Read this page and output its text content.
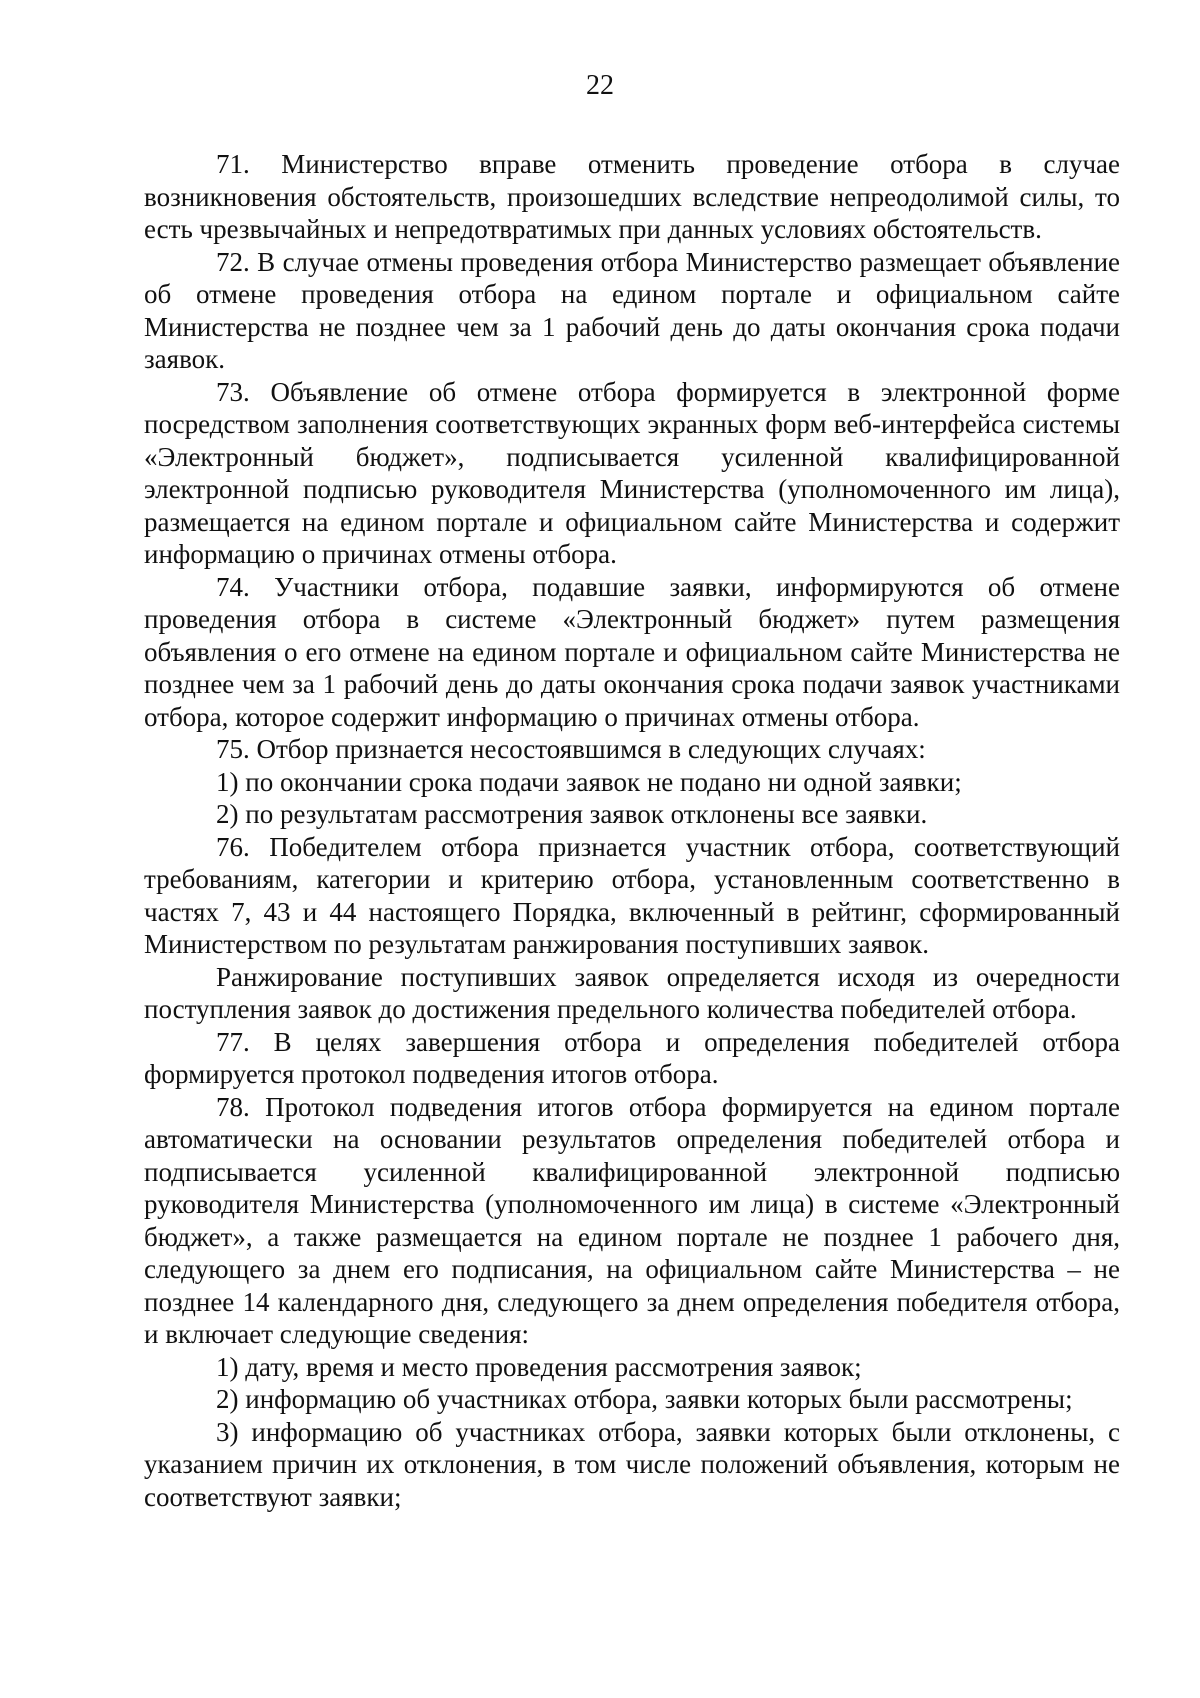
22

71. Министерство вправе отменить проведение отбора в случае возникновения обстоятельств, произошедших вследствие непреодолимой силы, то есть чрезвычайных и непредотвратимых при данных условиях обстоятельств.

72. В случае отмены проведения отбора Министерство размещает объявление об отмене проведения отбора на едином портале и официальном сайте Министерства не позднее чем за 1 рабочий день до даты окончания срока подачи заявок.

73. Объявление об отмене отбора формируется в электронной форме посредством заполнения соответствующих экранных форм веб-интерфейса системы «Электронный бюджет», подписывается усиленной квалифицированной электронной подписью руководителя Министерства (уполномоченного им лица), размещается на едином портале и официальном сайте Министерства и содержит информацию о причинах отмены отбора.

74. Участники отбора, подавшие заявки, информируются об отмене проведения отбора в системе «Электронный бюджет» путем размещения объявления о его отмене на едином портале и официальном сайте Министерства не позднее чем за 1 рабочий день до даты окончания срока подачи заявок участниками отбора, которое содержит информацию о причинах отмены отбора.

75. Отбор признается несостоявшимся в следующих случаях:

1) по окончании срока подачи заявок не подано ни одной заявки;

2) по результатам рассмотрения заявок отклонены все заявки.

76. Победителем отбора признается участник отбора, соответствующий требованиям, категории и критерию отбора, установленным соответственно в частях 7, 43 и 44 настоящего Порядка, включенный в рейтинг, сформированный Министерством по результатам ранжирования поступивших заявок.

Ранжирование поступивших заявок определяется исходя из очередности поступления заявок до достижения предельного количества победителей отбора.

77. В целях завершения отбора и определения победителей отбора формируется протокол подведения итогов отбора.

78. Протокол подведения итогов отбора формируется на едином портале автоматически на основании результатов определения победителей отбора и подписывается усиленной квалифицированной электронной подписью руководителя Министерства (уполномоченного им лица) в системе «Электронный бюджет», а также размещается на едином портале не позднее 1 рабочего дня, следующего за днем его подписания, на официальном сайте Министерства – не позднее 14 календарного дня, следующего за днем определения победителя отбора, и включает следующие сведения:

1) дату, время и место проведения рассмотрения заявок;

2) информацию об участниках отбора, заявки которых были рассмотрены;

3) информацию об участниках отбора, заявки которых были отклонены, с указанием причин их отклонения, в том числе положений объявления, которым не соответствуют заявки;
